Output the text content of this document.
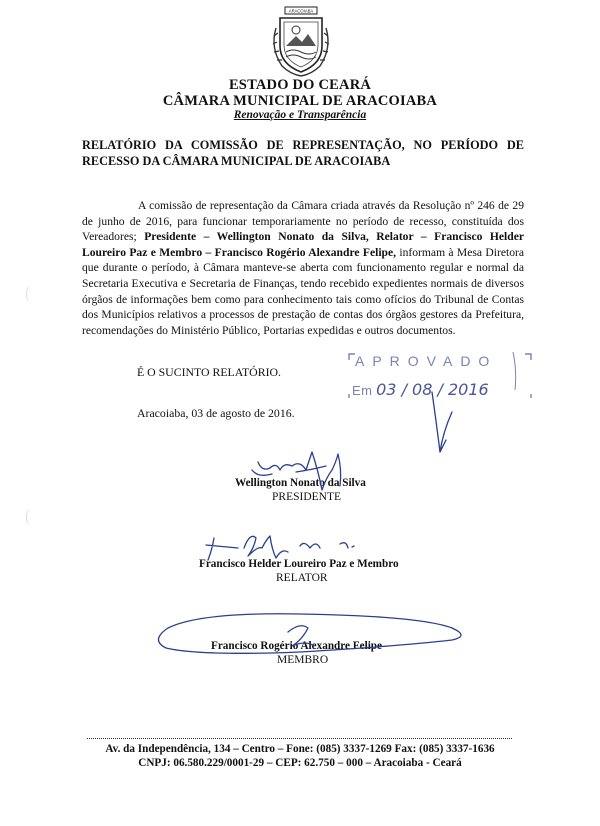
ARACOIABA
ESTADO DO CEARÁ
CÂMARA MUNICIPAL DE ARACOIABA
Renovação e Transparência
RELATÓRIO DA COMISSÃO DE REPRESENTAÇÃO, NO PERÍODO DE
RECESSO DA CÂMARA MUNICIPAL DE ARACOIABA

A comissão de representação da Câmara criada através da Resolução nº 246 de 29 de junho de 2016, para funcionar temporariamente no período de recesso, constituída dos Vereadores; Presidente – Wellington Nonato da Silva, Relator – Francisco Helder Loureiro Paz e Membro – Francisco Rogério Alexandre Felipe, informam à Mesa Diretora que durante o período, à Câmara manteve-se aberta com funcionamento regular e normal da Secretaria Executiva e Secretaria de Finanças, tendo recebido expedientes normais de diversos órgãos de informações bem como para conhecimento tais como ofícios do Tribunal de Contas dos Municípios relativos a processos de prestação de contas dos órgãos gestores da Prefeitura, recomendações do Ministério Público, Portarias expedidas e outros documentos.

É O SUCINTO RELATÓRIO.
Aracoiaba, 03 de agosto de 2016.
APROVADO
Em 03 / 08 / 2016
Wellington Nonato da Silva
PRESIDENTE
Francisco Helder Loureiro Paz e Membro
RELATOR
Francisco Rogério Alexandre Felipe
MEMBRO
Av. da Independência, 134 – Centro – Fone: (085) 3337-1269 Fax: (085) 3337-1636
CNPJ: 06.580.229/0001-29 – CEP: 62.750 – 000 – Aracoiaba - Ceará
